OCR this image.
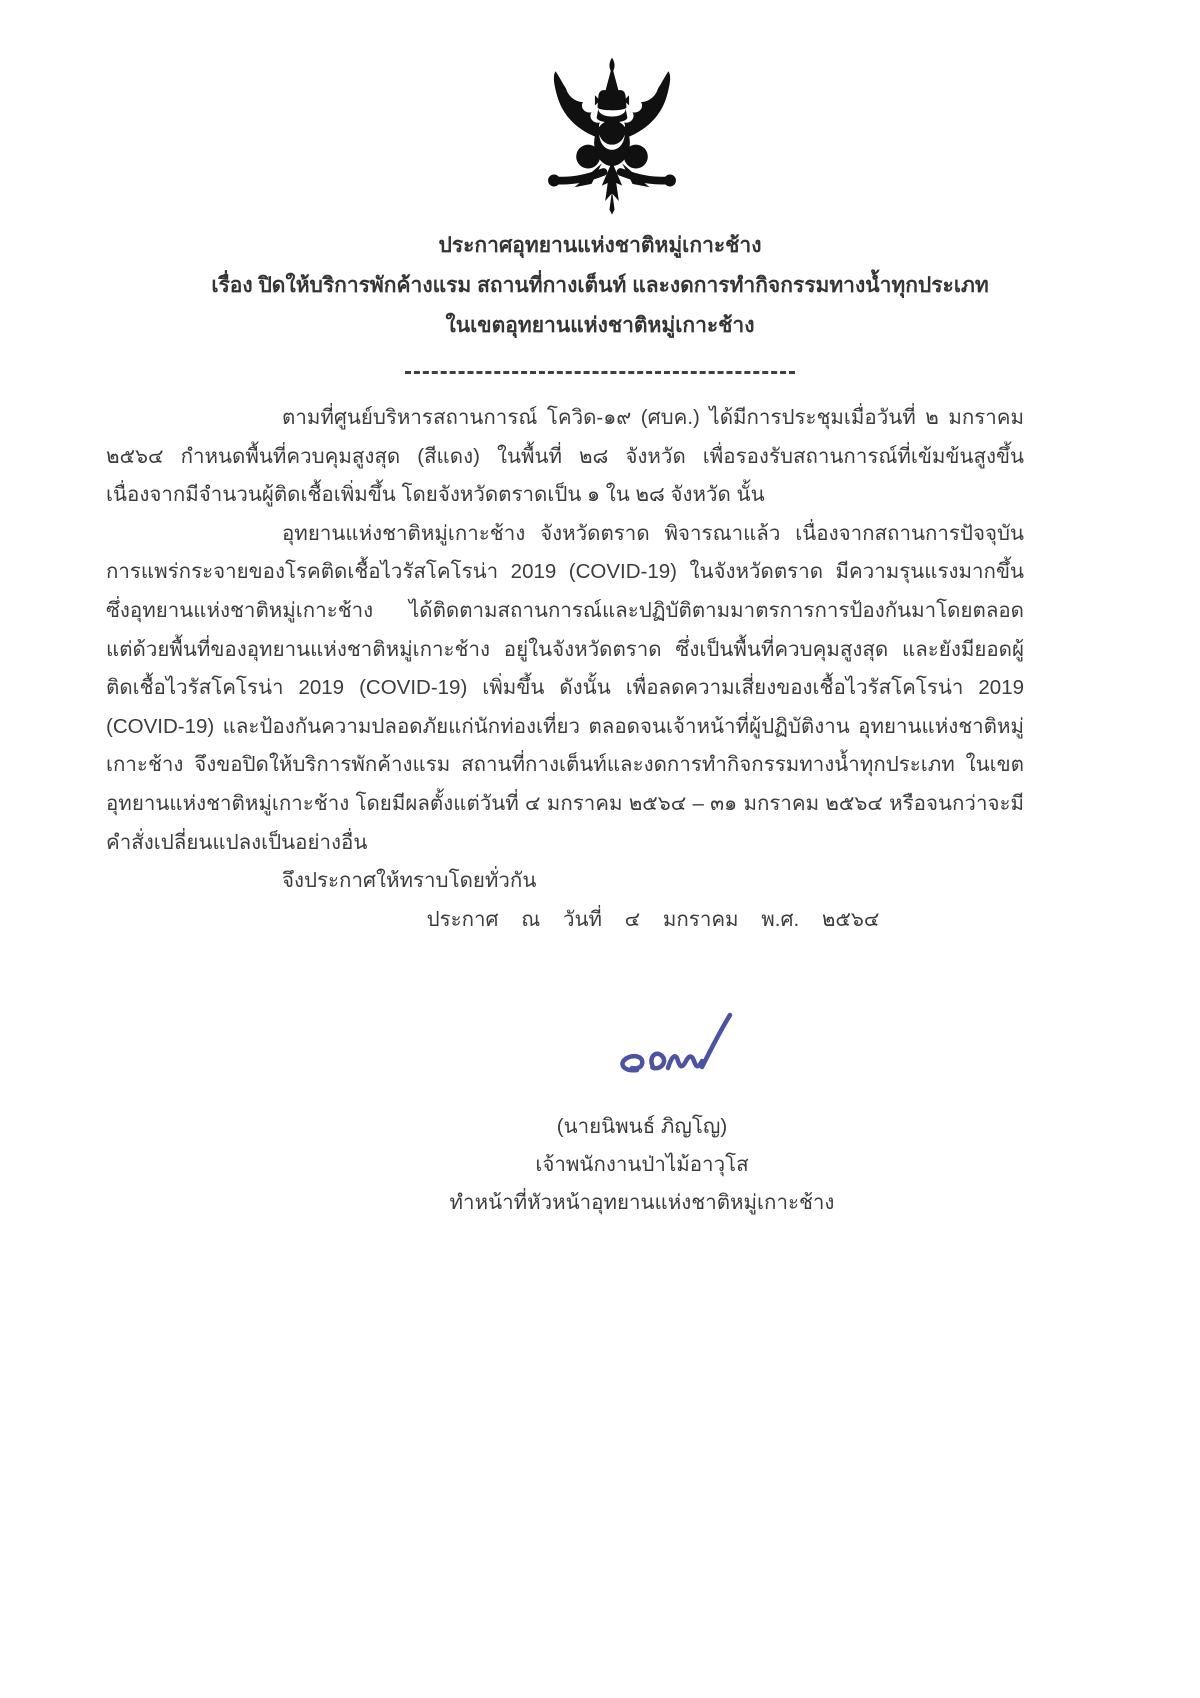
ประกาศอุทยานแห่งชาติหมู่เกาะช้าง
เรื่อง ปิดให้บริการพักค้างแรม สถานที่กางเต็นท์ และงดการทำกิจกรรมทางน้ำทุกประเภท
ในเขตอุทยานแห่งชาติหมู่เกาะช้าง

ตามที่ศูนย์บริหารสถานการณ์ โควิด-๑๙ (ศบค.) ได้มีการประชุมเมื่อวันที่ ๒ มกราคม ๒๕๖๔ กำหนดพื้นที่ควบคุมสูงสุด (สีแดง) ในพื้นที่ ๒๘ จังหวัด เพื่อรองรับสถานการณ์ที่เข้มข้นสูงขึ้น เนื่องจากมีจำนวนผู้ติดเชื้อเพิ่มขึ้น โดยจังหวัดตราดเป็น ๑ ใน ๒๘ จังหวัด นั้น

อุทยานแห่งชาติหมู่เกาะช้าง จังหวัดตราด พิจารณาแล้ว เนื่องจากสถานการปัจจุบันการแพร่กระจายของโรคติดเชื้อไวรัสโคโรน่า 2019 (COVID-19) ในจังหวัดตราด มีความรุนแรงมากขึ้น ซึ่งอุทยานแห่งชาติหมู่เกาะช้าง ได้ติดตามสถานการณ์และปฏิบัติตามมาตรการการป้องกันมาโดยตลอด แต่ด้วยพื้นที่ของอุทยานแห่งชาติหมู่เกาะช้าง อยู่ในจังหวัดตราด ซึ่งเป็นพื้นที่ควบคุมสูงสุด และยังมียอดผู้ติดเชื้อไวรัสโคโรน่า 2019 (COVID-19) เพิ่มขึ้น ดังนั้น เพื่อลดความเสี่ยงของเชื้อไวรัสโคโรน่า 2019 (COVID-19) และป้องกันความปลอดภัยแก่นักท่องเที่ยว ตลอดจนเจ้าหน้าที่ผู้ปฏิบัติงาน อุทยานแห่งชาติหมู่เกาะช้าง จึงขอปิดให้บริการพักค้างแรม สถานที่กางเต็นท์และงดการทำกิจกรรมทางน้ำทุกประเภท ในเขตอุทยานแห่งชาติหมู่เกาะช้าง โดยมีผลตั้งแต่วันที่ ๔ มกราคม ๒๕๖๔ – ๓๑ มกราคม ๒๕๖๔ หรือจนกว่าจะมีคำสั่งเปลี่ยนแปลงเป็นอย่างอื่น

จึงประกาศให้ทราบโดยทั่วกัน

ประกาศ ณ วันที่ ๔ มกราคม พ.ศ. ๒๕๖๔

(นายนิพนธ์ ภิญโญ)
เจ้าพนักงานป่าไม้อาวุโส
ทำหน้าที่หัวหน้าอุทยานแห่งชาติหมู่เกาะช้าง
